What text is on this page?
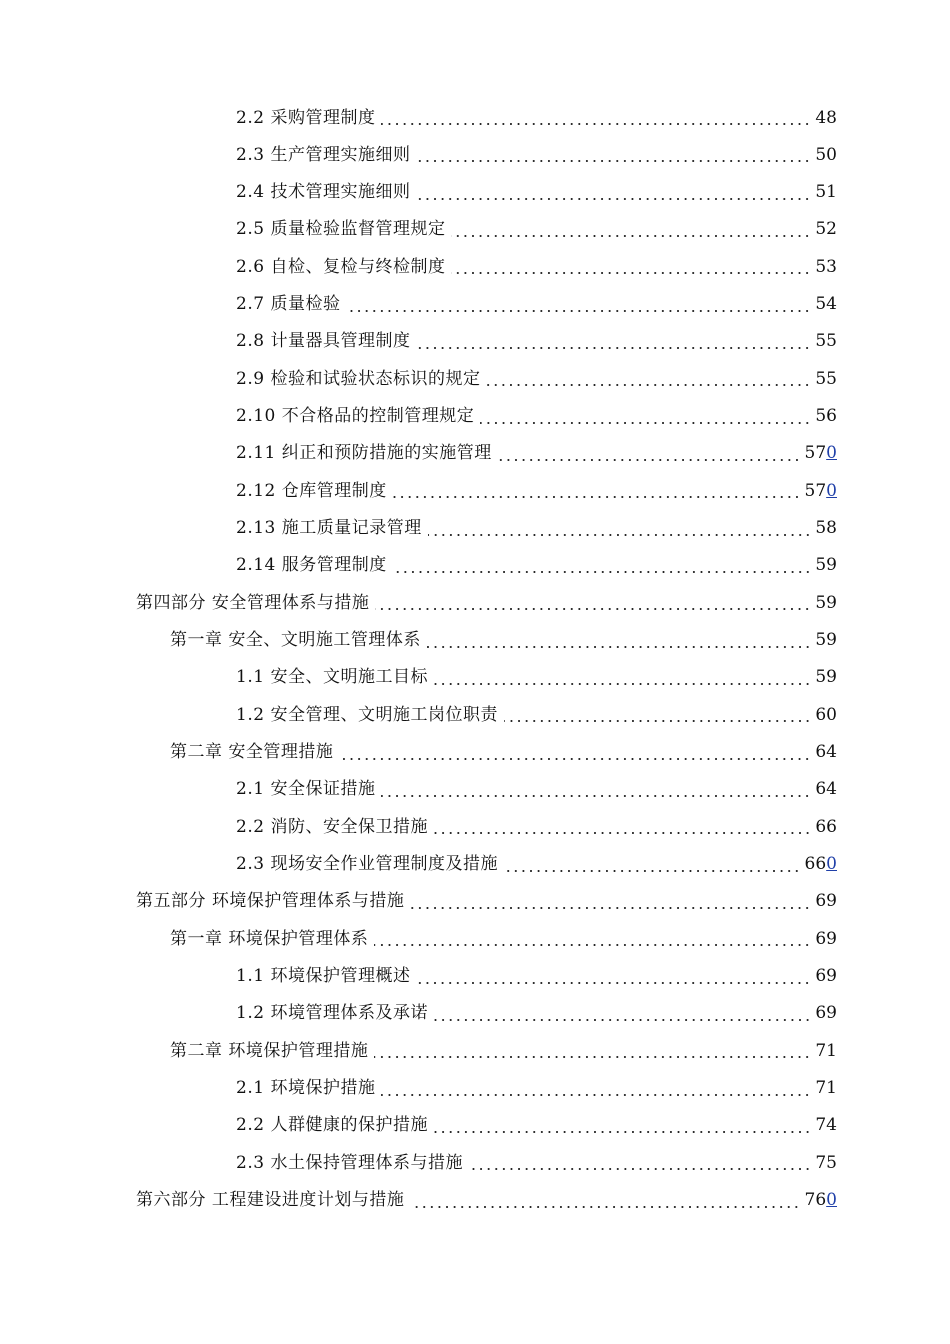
2.2 采购管理制度	48
2.3 生产管理实施细则	50
2.4 技术管理实施细则	51
2.5 质量检验监督管理规定	52
2.6 自检、复检与终检制度	53
2.7 质量检验	54
2.8 计量器具管理制度	55
2.9 检验和试验状态标识的规定	55
2.10 不合格品的控制管理规定	56
2.11 纠正和预防措施的实施管理	570
2.12 仓库管理制度	570
2.13 施工质量记录管理	58
2.14 服务管理制度	59
第四部分 安全管理体系与措施	59
第一章 安全、文明施工管理体系	59
1.1 安全、文明施工目标	59
1.2 安全管理、文明施工岗位职责	60
第二章 安全管理措施	64
2.1 安全保证措施	64
2.2 消防、安全保卫措施	66
2.3 现场安全作业管理制度及措施	660
第五部分 环境保护管理体系与措施	69
第一章 环境保护管理体系	69
1.1 环境保护管理概述	69
1.2 环境管理体系及承诺	69
第二章 环境保护管理措施	71
2.1 环境保护措施	71
2.2 人群健康的保护措施	74
2.3 水土保持管理体系与措施	75
第六部分 工程建设进度计划与措施	760
